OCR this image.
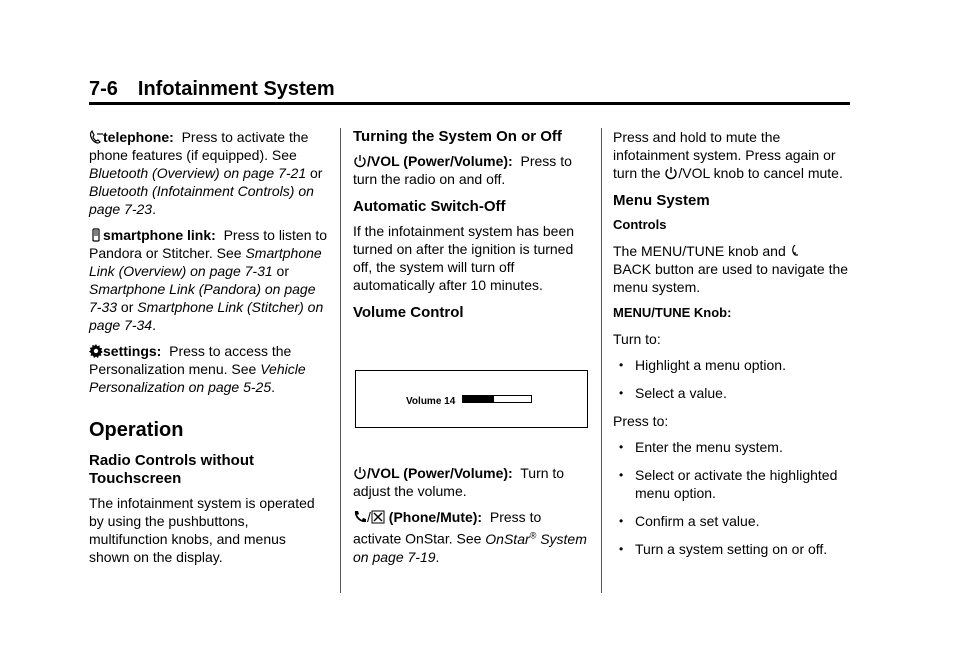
7-6 Infotainment System

telephone: Press to activate the phone features (if equipped). See Bluetooth (Overview) on page 7-21 or Bluetooth (Infotainment Controls) on page 7-23.

smartphone link: Press to listen to Pandora or Stitcher. See Smartphone Link (Overview) on page 7-31 or Smartphone Link (Pandora) on page 7-33 or Smartphone Link (Stitcher) on page 7-34.

settings: Press to access the Personalization menu. See Vehicle Personalization on page 5-25.

Operation
Radio Controls without Touchscreen

The infotainment system is operated by using the pushbuttons, multifunction knobs, and menus shown on the display.

Turning the System On or Off

/VOL (Power/Volume): Press to turn the radio on and off.

Automatic Switch-Off

If the infotainment system has been turned on after the ignition is turned off, the system will turn off automatically after 10 minutes.

Volume Control
Volume 14

/VOL (Power/Volume): Turn to adjust the volume.

/ (Phone/Mute): Press to activate OnStar. See OnStar® System on page 7-19.

Press and hold to mute the infotainment system. Press again or turn the /VOL knob to cancel mute.

Menu System
Controls

The MENU/TUNE knob and

BACK button are used to navigate the menu system.

MENU/TUNE Knob:

Turn to:

• Highlight a menu option.
• Select a value.

Press to:

• Enter the menu system.
• Select or activate the highlighted menu option.
• Confirm a set value.
• Turn a system setting on or off.
